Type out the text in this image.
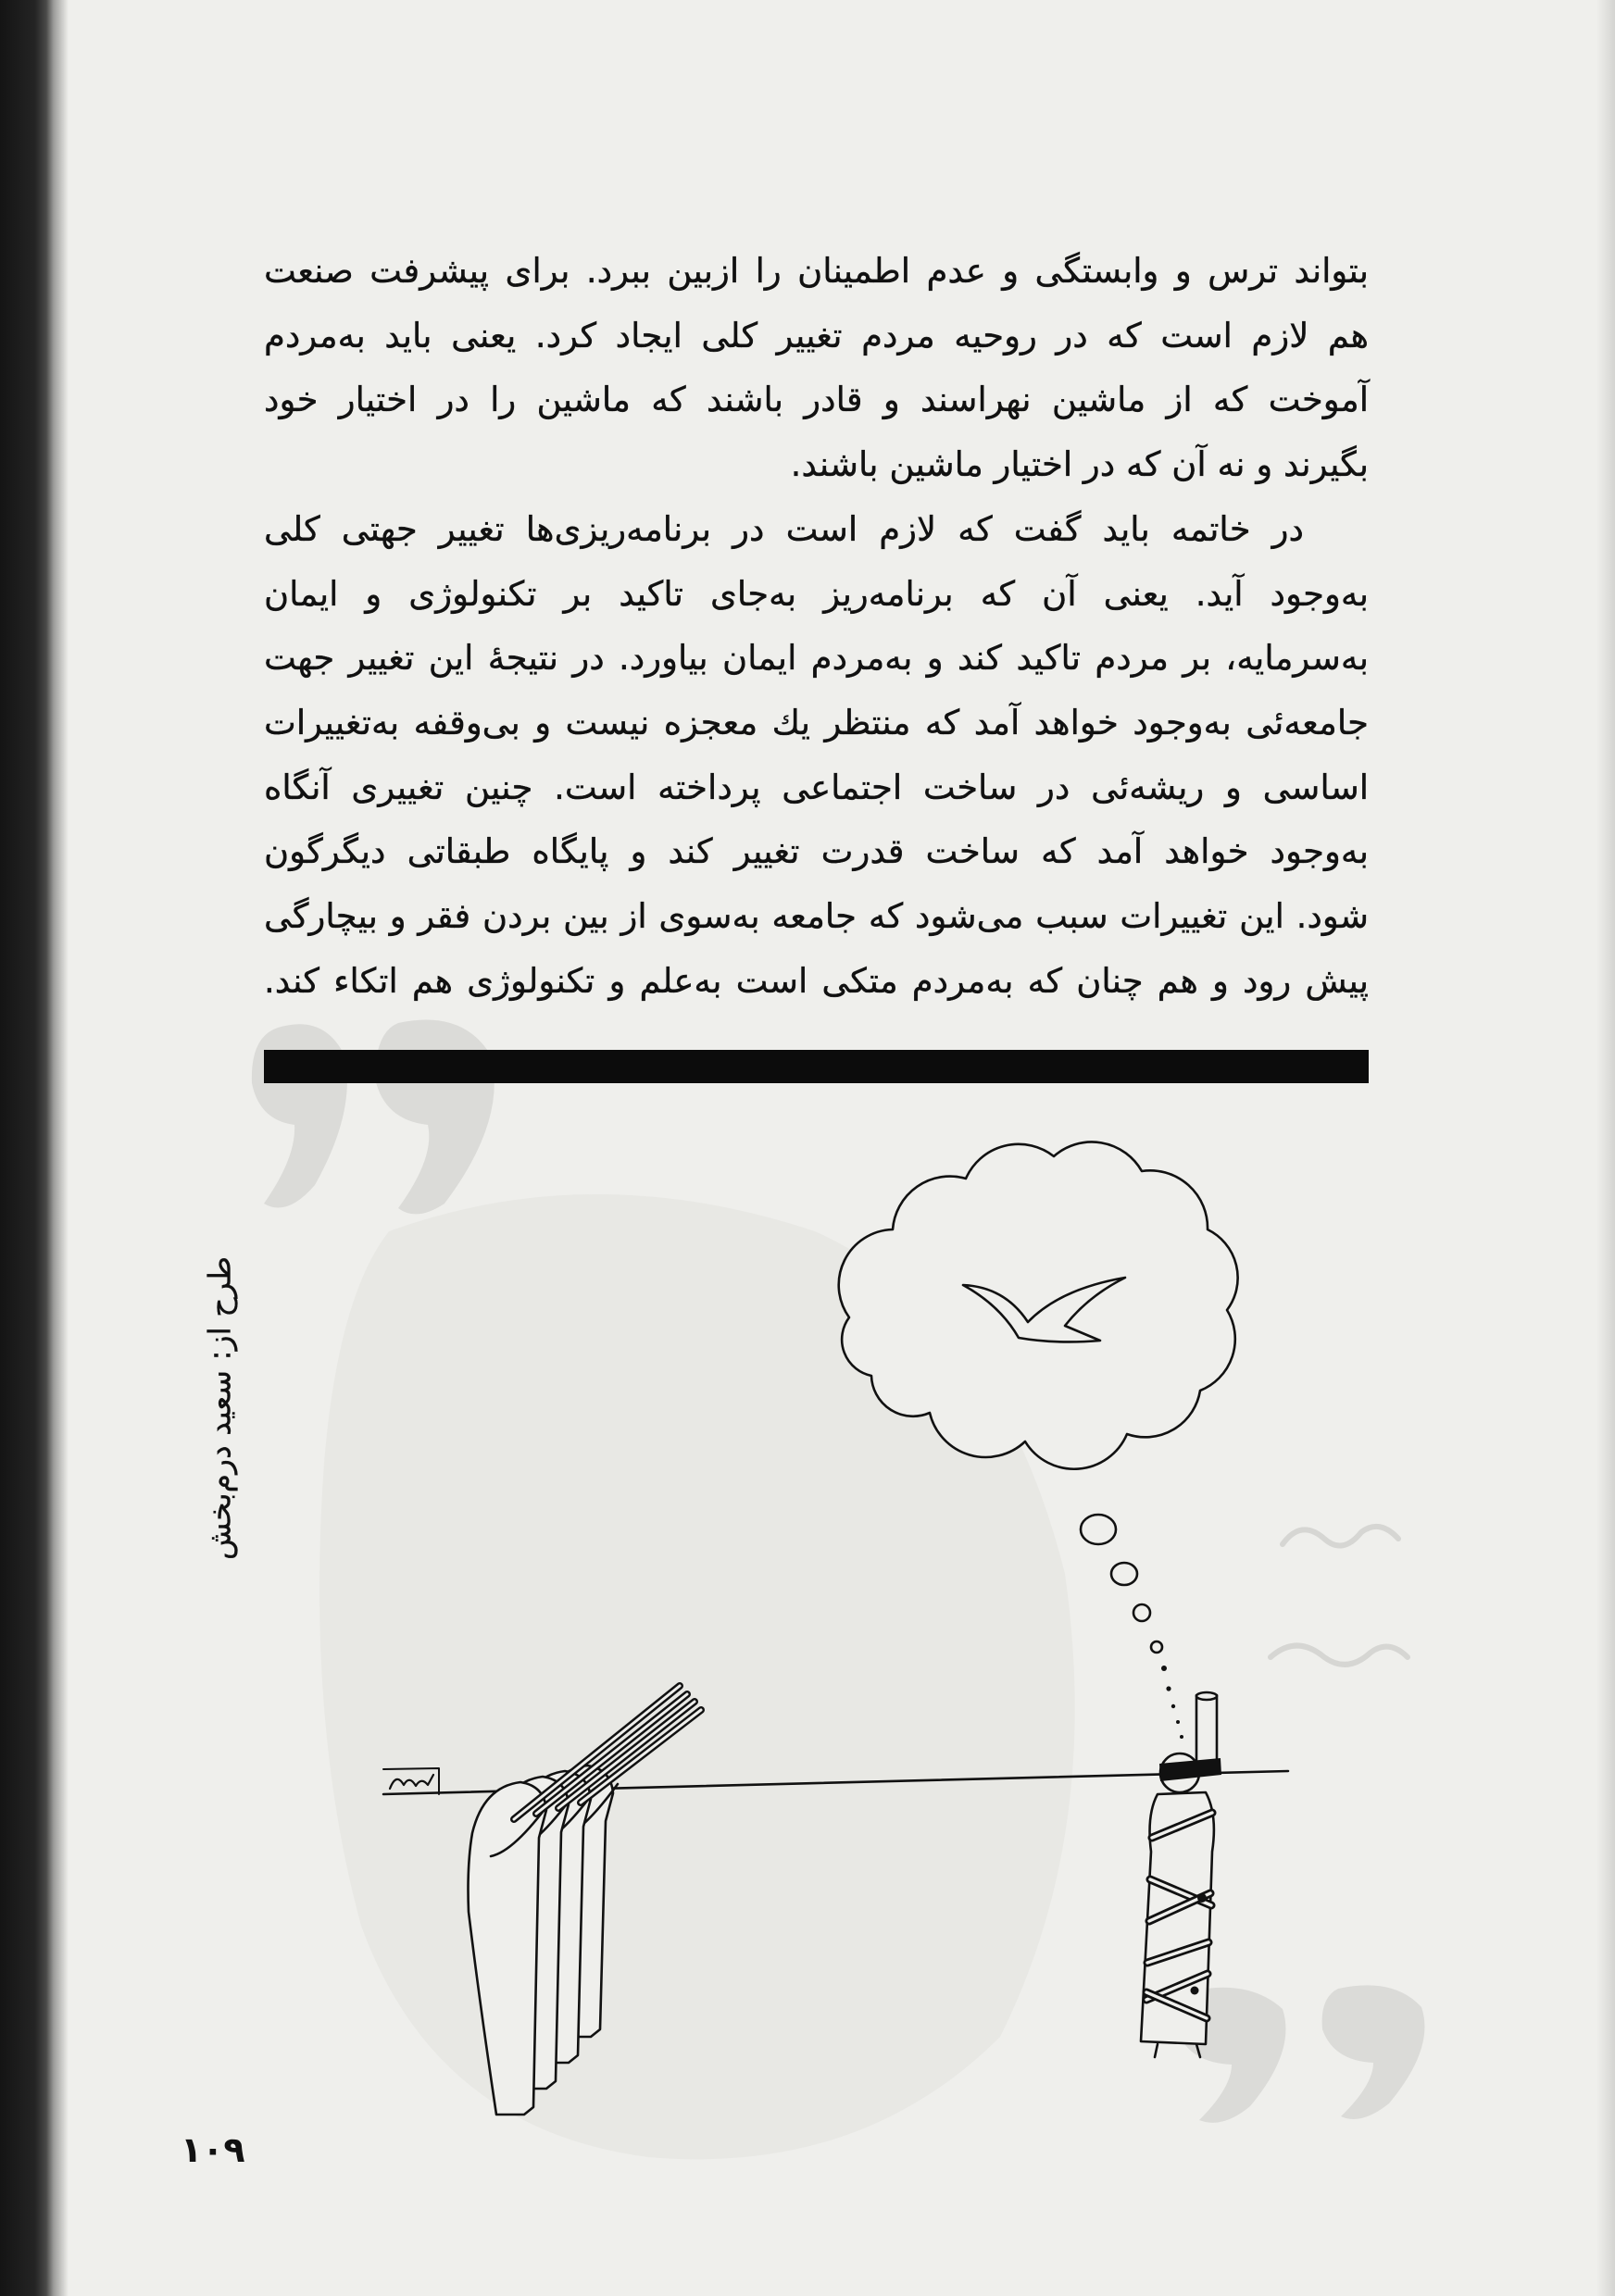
بتواند ترس و وابستگی و عدم اطمینان را ازبین ببرد. برای پیشرفت صنعت
هم لازم است که در روحیه مردم تغییر کلی ایجاد کرد. یعنی باید به‌مردم
آموخت که از ماشین نهراسند و قادر باشند که ماشین را در اختیار خود
بگیرند و نه آن که در اختیار ماشین باشند.
در خاتمه باید گفت که لازم است در برنامه‌ریزی‌ها تغییر جهتی کلی
به‌وجود آید. یعنی آن که برنامه‌ریز به‌جای تاکید بر تکنولوژی و ایمان
به‌سرمایه، بر مردم تاکید کند و به‌مردم ایمان بیاورد. در نتیجهٔ این تغییر جهت
جامعه‌ئی به‌وجود خواهد آمد که منتظر یك معجزه نیست و بی‌وقفه به‌تغییرات
اساسی و ریشه‌ئی در ساخت اجتماعی پرداخته است. چنین تغییری آنگاه
به‌وجود خواهد آمد که ساخت قدرت تغییر کند و پایگاه طبقاتی دیگرگون
شود. این تغییرات سبب می‌شود که جامعه به‌سوی از بین بردن فقر و بیچارگی
پیش رود و هم چنان که به‌مردم متکی است به‌علم و تکنولوژی هم اتکاء کند.
طرح از: سعید درم‌بخش
۱۰۹
